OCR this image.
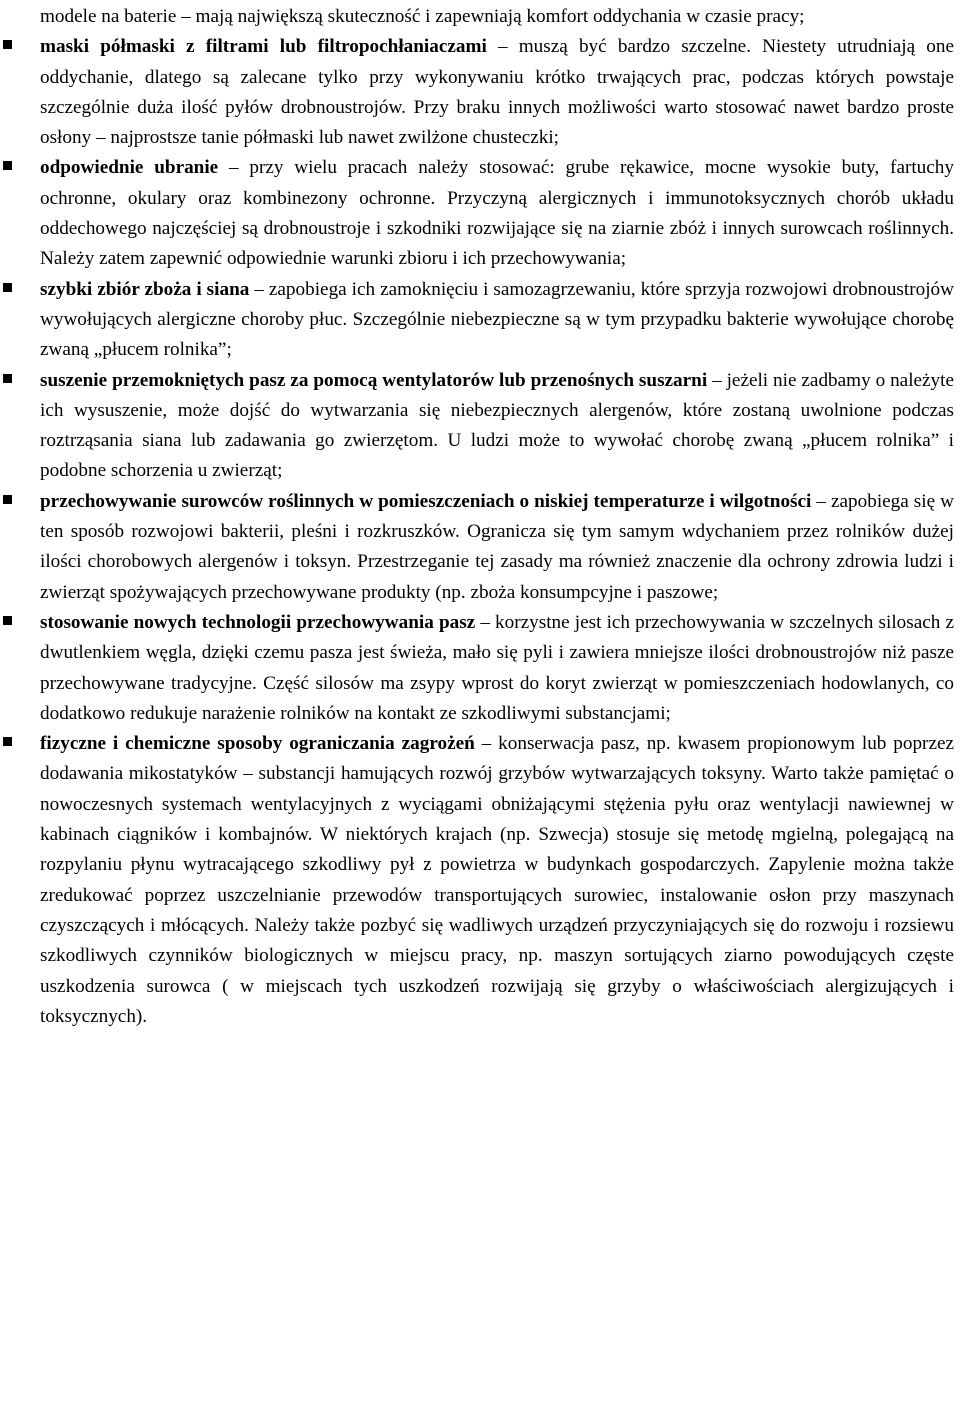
modele na baterie – mają największą skuteczność i zapewniają komfort oddychania w czasie pracy;

maski półmaski z filtrami lub filtropochłaniaczami – muszą być bardzo szczelne. Niestety utrudniają one oddychanie, dlatego są zalecane tylko przy wykonywaniu krótko trwających prac, podczas których powstaje szczególnie duża ilość pyłów drobnoustrojów. Przy braku innych możliwości warto stosować nawet bardzo proste osłony – najprostsze tanie półmaski lub nawet zwilżone chusteczki;

odpowiednie ubranie – przy wielu pracach należy stosować: grube rękawice, mocne wysokie buty, fartuchy ochronne, okulary oraz kombinezony ochronne. Przyczyną alergicznych i immunotoksycznych chorób układu oddechowego najczęściej są drobnoustroje i szkodniki rozwijające się na ziarnie zbóż i innych surowcach roślinnych. Należy zatem zapewnić odpowiednie warunki zbioru i ich przechowywania;

szybki zbiór zboża i siana – zapobiega ich zamoknięciu i samozagrzewaniu, które sprzyja rozwojowi drobnoustrojów wywołujących alergiczne choroby płuc. Szczególnie niebezpieczne są w tym przypadku bakterie wywołujące chorobę zwaną „płucem rolnika”;

suszenie przemokniętych pasz za pomocą wentylatorów lub przenośnych suszarni – jeżeli nie zadbamy o należyte ich wysuszenie, może dojść do wytwarzania się niebezpiecznych alergenów, które zostaną uwolnione podczas roztrząsania siana lub zadawania go zwierzętom. U ludzi może to wywołać chorobę zwaną „płucem rolnika” i podobne schorzenia u zwierząt;

przechowywanie surowców roślinnych w pomieszczeniach o niskiej temperaturze i wilgotności – zapobiega się w ten sposób rozwojowi bakterii, pleśni i rozkruszków. Ogranicza się tym samym wdychaniem przez rolników dużej ilości chorobowych alergenów i toksyn. Przestrzeganie tej zasady ma również znaczenie dla ochrony zdrowia ludzi i zwierząt spożywających przechowywane produkty (np. zboża konsumpcyjne i paszowe;

stosowanie nowych technologii przechowywania pasz – korzystne jest ich przechowywania w szczelnych silosach z dwutlenkiem węgla, dzięki czemu pasza jest świeża, mało się pyli i zawiera mniejsze ilości drobnoustrojów niż pasze przechowywane tradycyjne. Część silosów ma zsypy wprost do koryt zwierząt w pomieszczeniach hodowlanych, co dodatkowo redukuje narażenie rolników na kontakt ze szkodliwymi substancjami;

fizyczne i chemiczne sposoby ograniczania zagrożeń – konserwacja pasz, np. kwasem propionowym lub poprzez dodawania mikostatyków – substancji hamujących rozwój grzybów wytwarzających toksyny. Warto także pamiętać o nowoczesnych systemach wentylacyjnych z wyciągami obniżającymi stężenia pyłu oraz wentylacji nawiewnej w kabinach ciągników i kombajnów. W niektórych krajach (np. Szwecja) stosuje się metodę mgielną, polegającą na rozpylaniu płynu wytracającego szkodliwy pył z powietrza w budynkach gospodarczych. Zapylenie można także zredukować poprzez uszczelnianie przewodów transportujących surowiec, instalowanie osłon przy maszynach czyszczących i młócących. Należy także pozbyć się wadliwych urządzeń przyczyniających się do rozwoju i rozsiewu szkodliwych czynników biologicznych w miejscu pracy, np. maszyn sortujących ziarno powodujących częste uszkodzenia surowca ( w miejscach tych uszkodzeń rozwijają się grzyby o właściwościach alergizujących i toksycznych).
